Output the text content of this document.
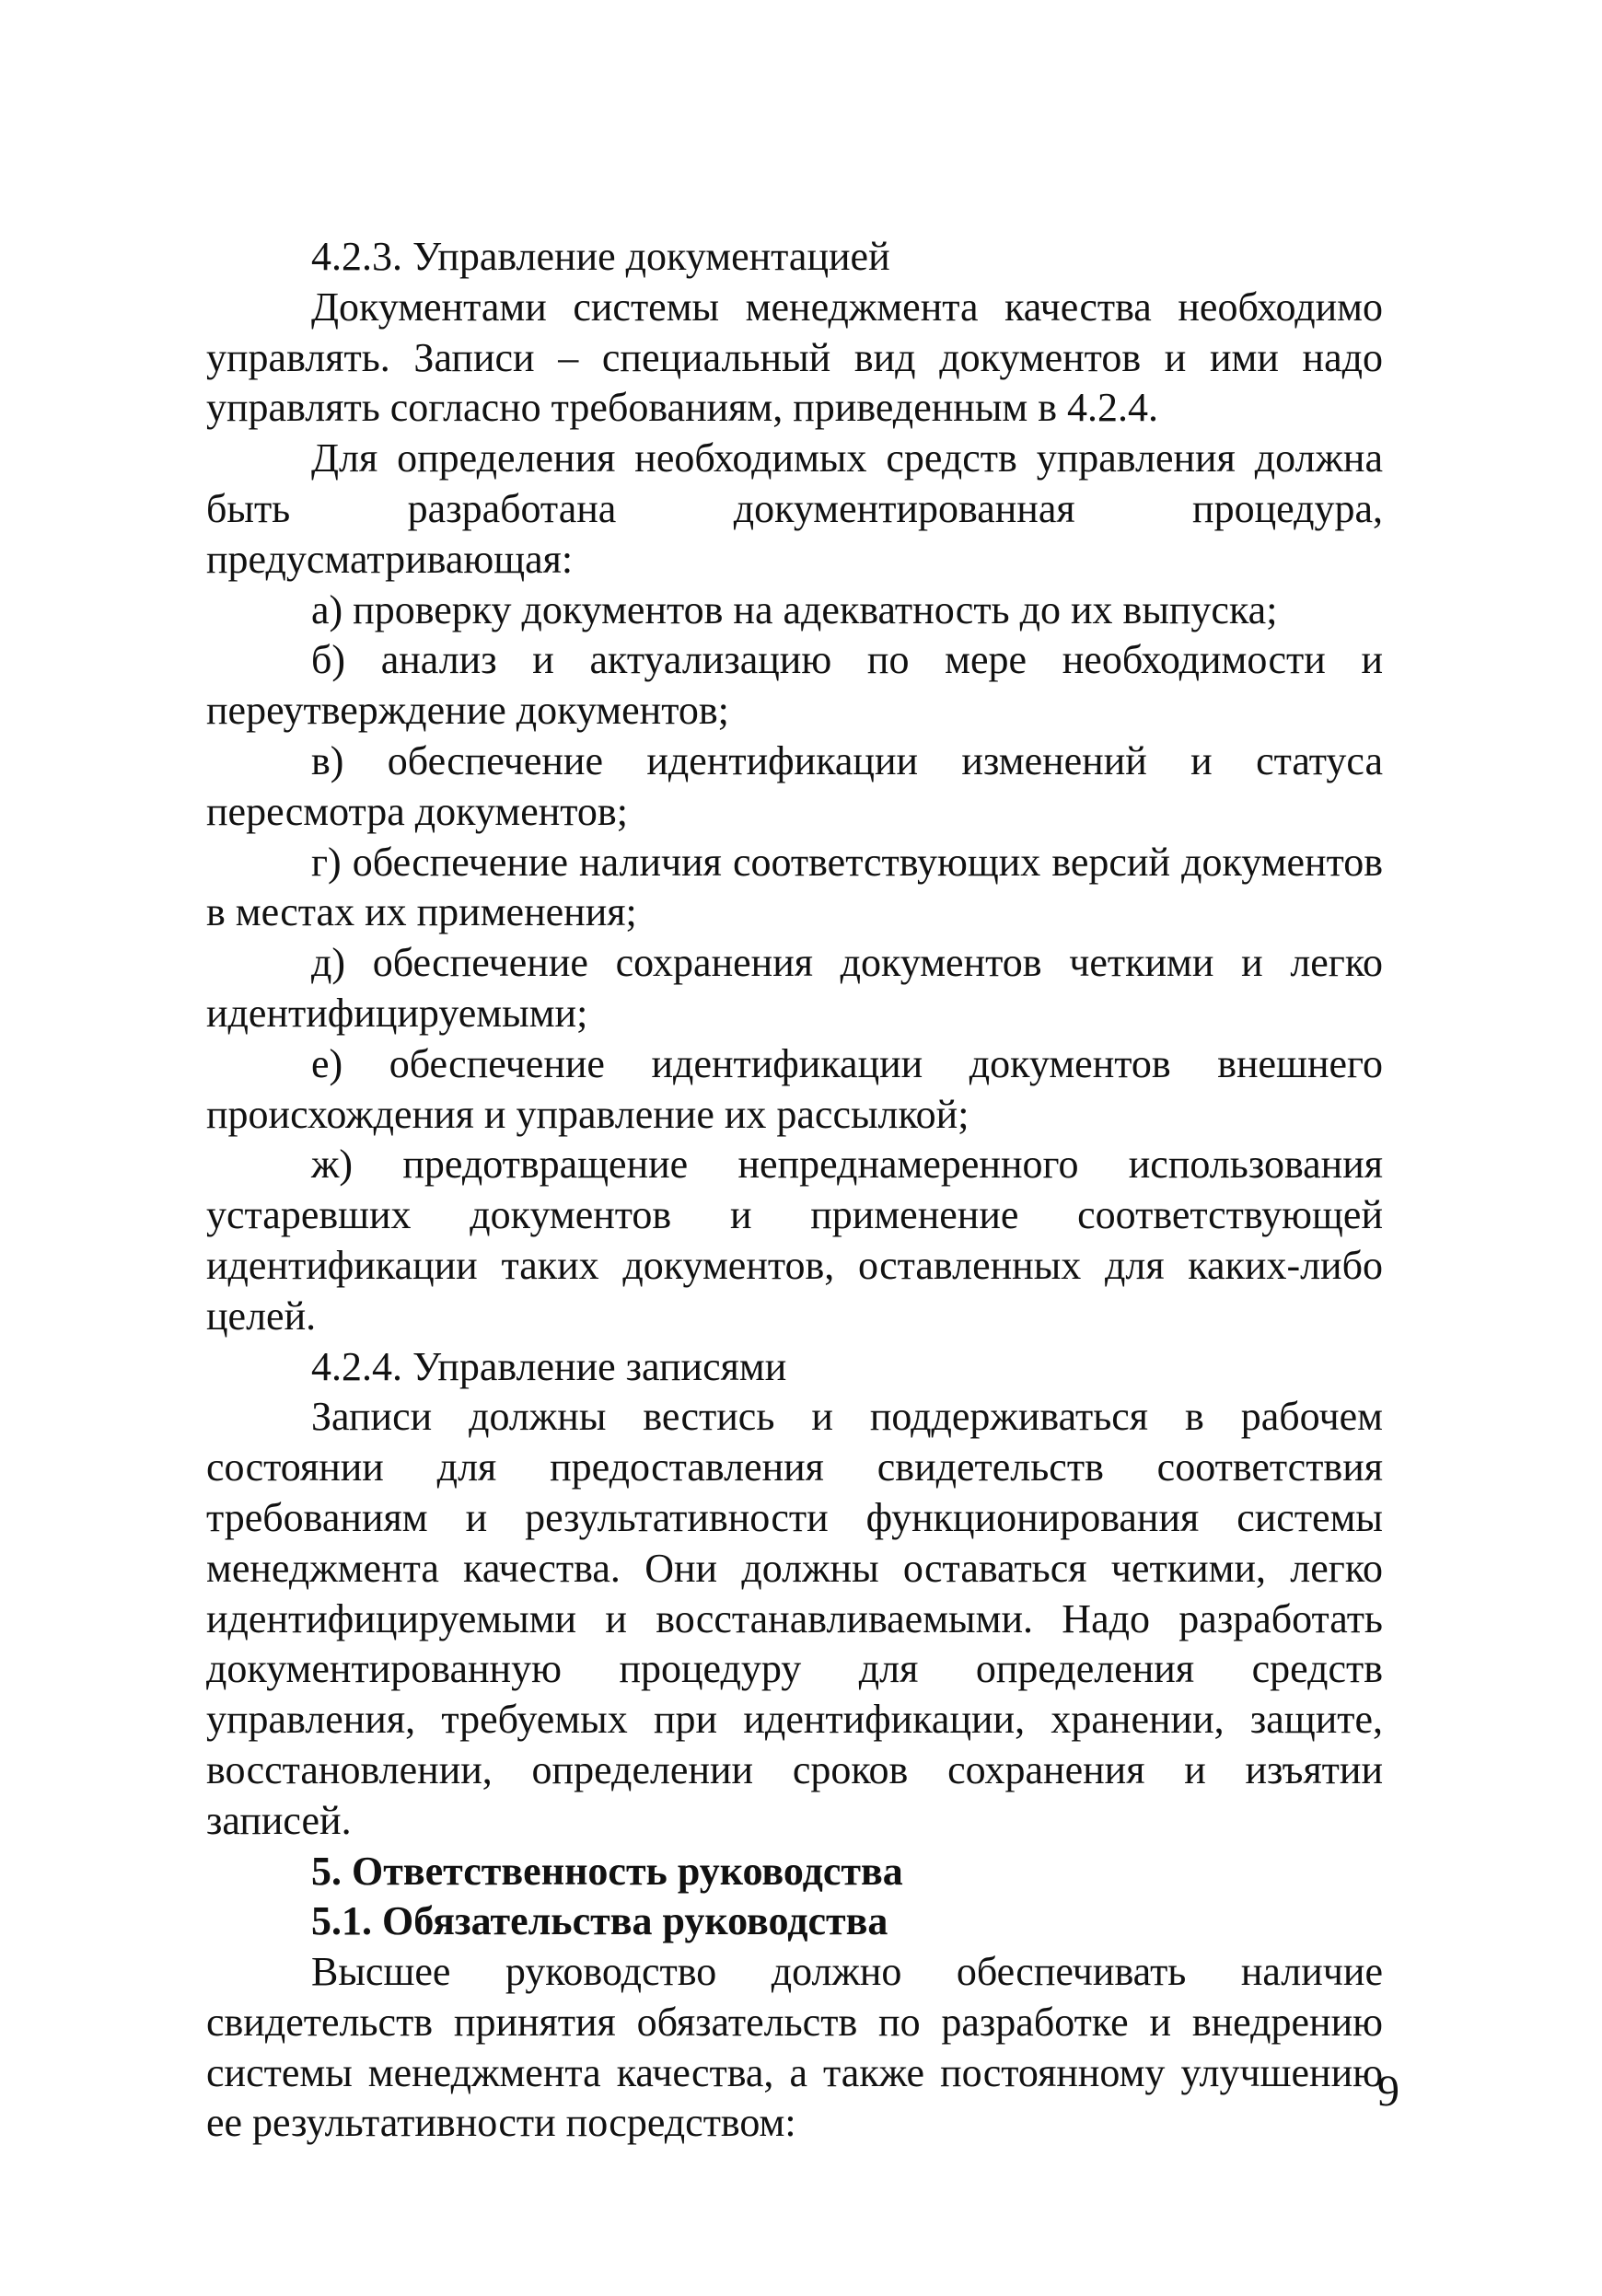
4.2.3. Управление документацией

Документами системы менеджмента качества необходимо управлять. Записи – специальный вид документов и ими надо управлять согласно требованиям, приведенным в 4.2.4.

Для определения необходимых средств управления должна быть разработана документированная процедура, предусматривающая:

а) проверку документов на адекватность до их выпуска;

б) анализ и актуализацию по мере необходимости и переутверждение документов;

в) обеспечение идентификации изменений и статуса пересмотра документов;

г) обеспечение наличия соответствующих версий документов в местах их применения;

д) обеспечение сохранения документов четкими и легко идентифицируемыми;

е) обеспечение идентификации документов внешнего происхождения и управление их рассылкой;

ж) предотвращение непреднамеренного использования устаревших документов и применение соответствующей идентификации таких документов, оставленных для каких-либо целей.

4.2.4. Управление записями

Записи должны вестись и поддерживаться в рабочем состоянии для предоставления свидетельств соответствия требованиям и результативности функционирования системы менеджмента качества. Они должны оставаться четкими, легко идентифицируемыми и восстанавливаемыми. Надо разработать документированную процедуру для определения средств управления, требуемых при идентификации, хранении, защите, восстановлении, определении сроков сохранения и изъятии записей.

5. Ответственность руководства

5.1. Обязательства руководства

Высшее руководство должно обеспечивать наличие свидетельств принятия обязательств по разработке и внедрению системы менеджмента качества, а также постоянному улучшению ее результативности посредством:

9
